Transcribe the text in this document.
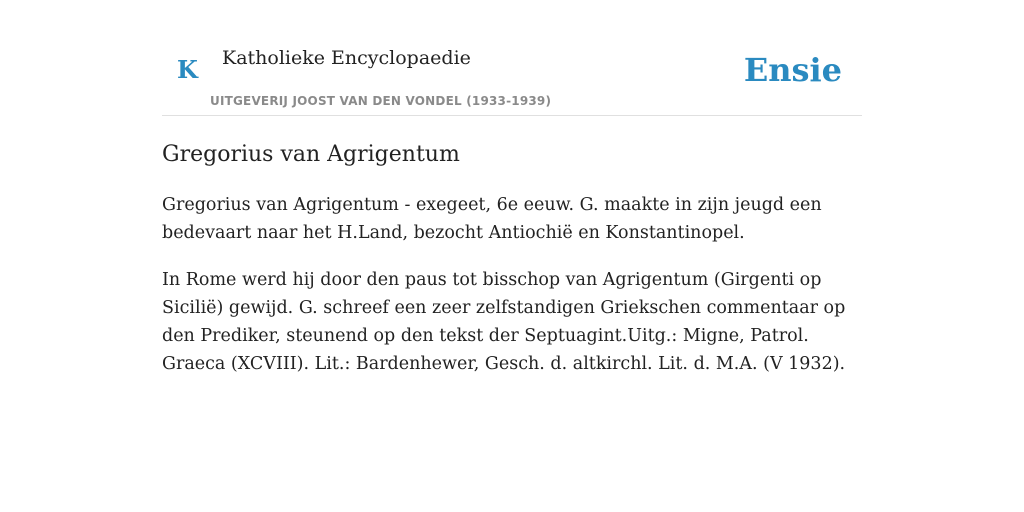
K Katholieke Encyclopaedie
UITGEVERIJ JOOST VAN DEN VONDEL (1933-1939)
Ensie
Gregorius van Agrigentum

Gregorius van Agrigentum - exegeet, 6e eeuw. G. maakte in zijn jeugd een bedevaart naar het H.Land, bezocht Antiochië en Konstantinopel.

In Rome werd hij door den paus tot bisschop van Agrigentum (Girgenti op Sicilië) gewijd. G. schreef een zeer zelfstandigen Griekschen commentaar op den Prediker, steunend op den tekst der Septuagint.Uitg.: Migne, Patrol. Graeca (XCVIII). Lit.: Bardenhewer, Gesch. d. altkirchl. Lit. d. M.A. (V 1932).
